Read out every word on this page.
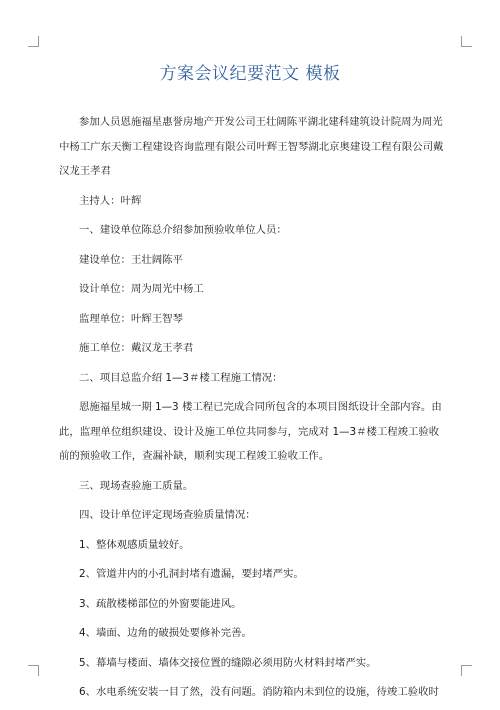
方案会议纪要范文 模板

参加人员恩施福星惠誉房地产开发公司王壮阔陈平湖北建科建筑设计院周为周光中杨工广东天衡工程建设咨询监理有限公司叶辉王智琴湖北京奥建设工程有限公司戴汉龙王孝君

主持人：叶辉

一、建设单位陈总介绍参加预验收单位人员：

建设单位：王壮阔陈平

设计单位：周为周光中杨工

监理单位：叶辉王智琴

施工单位：戴汉龙王孝君

二、项目总监介绍 1—3＃楼工程施工情况：

恩施福星城一期 1—3 楼工程已完成合同所包含的本项目图纸设计全部内容。由此，监理单位组织建设、设计及施工单位共同参与，完成对 1—3＃楼工程竣工验收前的预验收工作，查漏补缺，顺利实现工程竣工验收工作。

三、现场查验施工质量。

四、设计单位评定现场查验质量情况：

1、整体观感质量较好。

2、管道井内的小孔洞封堵有遗漏，要封堵严实。

3、疏散楼梯部位的外窗要能进风。

4、墙面、边角的破损处要修补完善。

5、幕墙与楼面、墙体交接位置的缝隙必须用防火材料封堵严实。

6、水电系统安装一目了然，没有问题。消防箱内未到位的设施，待竣工验收时
